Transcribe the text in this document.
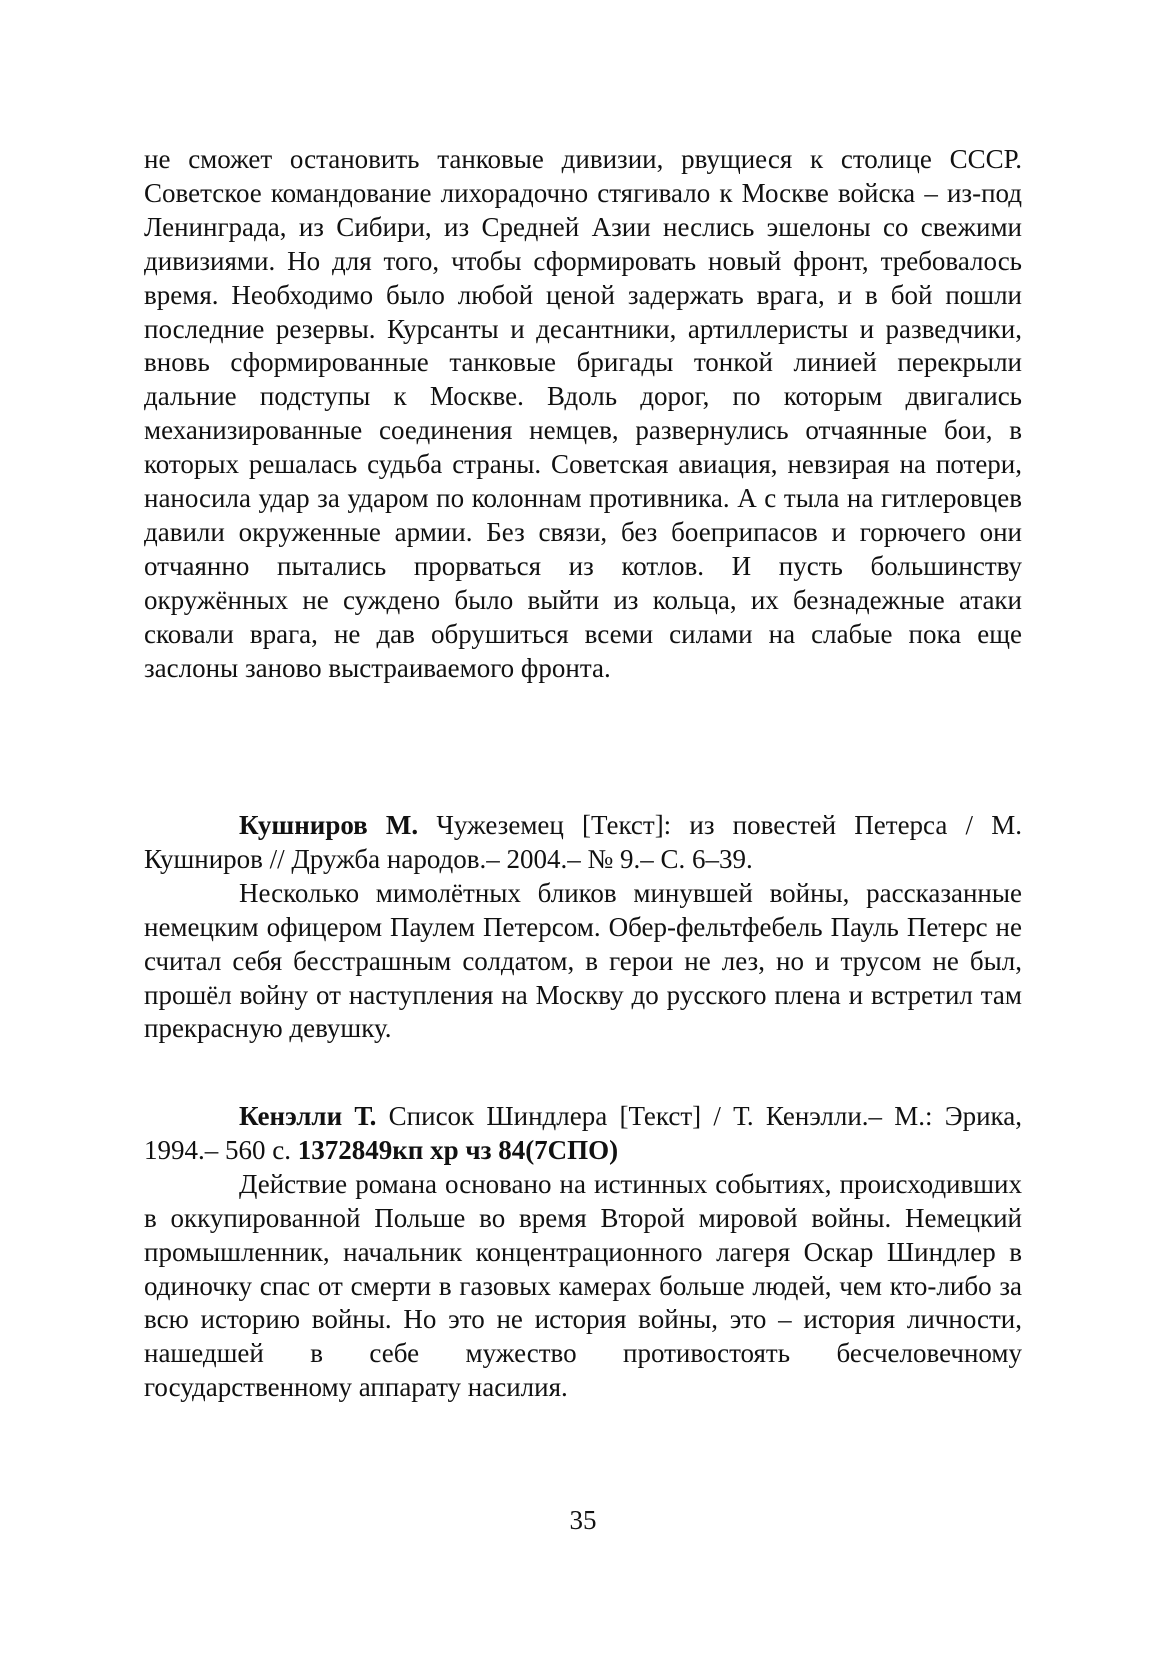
не сможет остановить танковые дивизии, рвущиеся к столице СССР. Советское командование лихорадочно стягивало к Москве войска – из-под Ленинграда, из Сибири, из Средней Азии неслись эшелоны со свежими дивизиями. Но для того, чтобы сформировать новый фронт, требовалось время. Необходимо было любой ценой задержать врага, и в бой пошли последние резервы. Курсанты и десантники, артиллеристы и разведчики, вновь сформированные танковые бригады тонкой линией перекрыли дальние подступы к Москве. Вдоль дорог, по которым двигались механизированные соединения немцев, развернулись отчаянные бои, в которых решалась судьба страны. Советская авиация, невзирая на потери, наносила удар за ударом по колоннам противника. А с тыла на гитлеровцев давили окруженные армии. Без связи, без боеприпасов и горючего они отчаянно пытались прорваться из котлов. И пусть большинству окружённых не суждено было выйти из кольца, их безнадежные атаки сковали врага, не дав обрушиться всеми силами на слабые пока еще заслоны заново выстраиваемого фронта.

Кушниров М. Чужеземец [Текст]: из повестей Петерса / М. Кушниров // Дружба народов.– 2004.– № 9.– С. 6–39.

Несколько мимолётных бликов минувшей войны, рассказанные немецким офицером Паулем Петерсом. Обер-фельтфебель Пауль Петерс не считал себя бесстрашным солдатом, в герои не лез, но и трусом не был, прошёл войну от наступления на Москву до русского плена и встретил там прекрасную девушку.

Кенэлли Т. Список Шиндлера [Текст] / Т. Кенэлли.– М.: Эрика, 1994.– 560 с. 1372849кп хр чз 84(7СПО)

Действие романа основано на истинных событиях, происходивших в оккупированной Польше во время Второй мировой войны. Немецкий промышленник, начальник концентрационного лагеря Оскар Шиндлер в одиночку спас от смерти в газовых камерах больше людей, чем кто-либо за всю историю войны. Но это не история войны, это – история личности, нашедшей в себе мужество противостоять бесчеловечному государственному аппарату насилия.

35
